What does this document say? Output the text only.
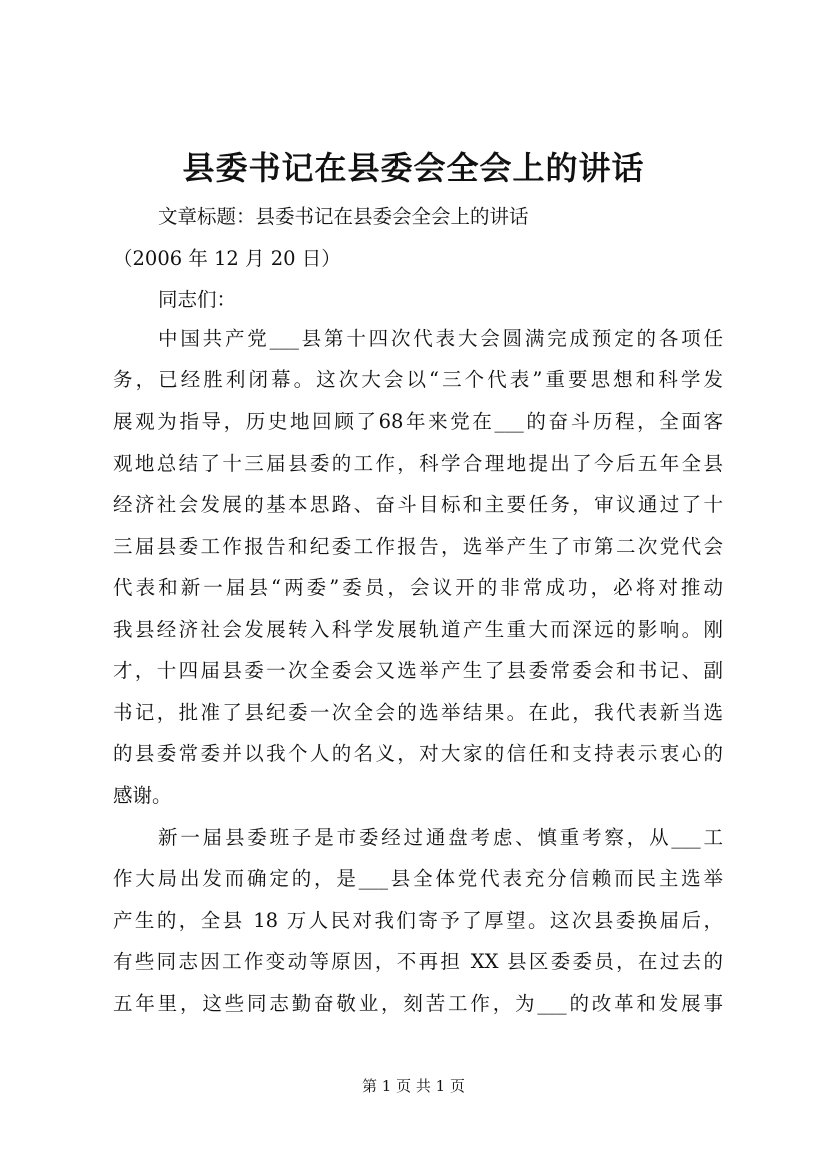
县委书记在县委会全会上的讲话

文章标题：县委书记在县委会全会上的讲话

（2006 年 12 月 20 日）

同志们：

中国共产党___县第十四次代表大会圆满完成预定的各项任

务，已经胜利闭幕。这次大会以“三个代表”重要思想和科学发

展观为指导，历史地回顾了68年来党在___的奋斗历程，全面客

观地总结了十三届县委的工作，科学合理地提出了今后五年全县

经济社会发展的基本思路、奋斗目标和主要任务，审议通过了十

三届县委工作报告和纪委工作报告，选举产生了市第二次党代会

代表和新一届县“两委”委员，会议开的非常成功，必将对推动

我县经济社会发展转入科学发展轨道产生重大而深远的影响。刚

才，十四届县委一次全委会又选举产生了县委常委会和书记、副

书记，批准了县纪委一次全会的选举结果。在此，我代表新当选

的县委常委并以我个人的名义，对大家的信任和支持表示衷心的

感谢。

新一届县委班子是市委经过通盘考虑、慎重考察，从___工

作大局出发而确定的，是___县全体党代表充分信赖而民主选举

产生的，全县 18 万人民对我们寄予了厚望。这次县委换届后，

有些同志因工作变动等原因，不再担 XX 县区委委员，在过去的

五年里，这些同志勤奋敬业，刻苦工作，为___的改革和发展事

第 1 页 共 1 页
